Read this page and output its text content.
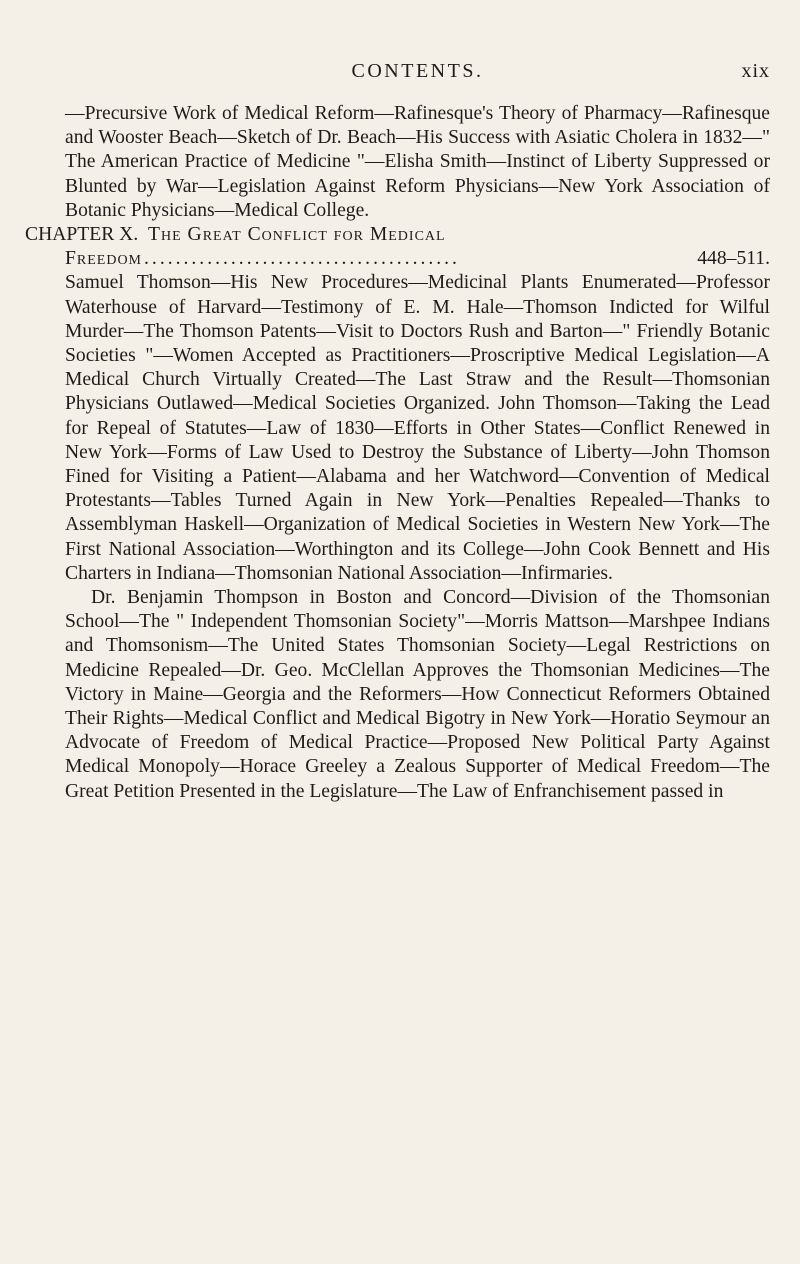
CONTENTS.	xix

—Precursive Work of Medical Reform—Rafinesque's Theory of Pharmacy—Rafinesque and Wooster Beach—Sketch of Dr. Beach—His Success with Asiatic Cholera in 1832—" The American Practice of Medicine "—Elisha Smith—Instinct of Liberty Suppressed or Blunted by War—Legislation Against Reform Physicians—New York Association of Botanic Physicians—Medical College.

CHAPTER X. The Great Conflict for Medical

Freedom ........................................	448–511.

Samuel Thomson—His New Procedures—Medicinal Plants Enumerated—Professor Waterhouse of Harvard—Testimony of E. M. Hale—Thomson Indicted for Wilful Murder—The Thomson Patents—Visit to Doctors Rush and Barton—" Friendly Botanic Societies "—Women Accepted as Practitioners—Proscriptive Medical Legislation—A Medical Church Virtually Created—The Last Straw and the Result—Thomsonian Physicians Outlawed—Medical Societies Organized. John Thomson—Taking the Lead for Repeal of Statutes—Law of 1830—Efforts in Other States—Conflict Renewed in New York—Forms of Law Used to Destroy the Substance of Liberty—John Thomson Fined for Visiting a Patient—Alabama and her Watchword—Convention of Medical Protestants—Tables Turned Again in New York—Penalties Repealed—Thanks to Assemblyman Haskell—Organization of Medical Societies in Western New York—The First National Association—Worthington and its College—John Cook Bennett and His Charters in Indiana—Thomsonian National Association—Infirmaries.

Dr. Benjamin Thompson in Boston and Concord—Division of the Thomsonian School—The " Independent Thomsonian Society"—Morris Mattson—Marshpee Indians and Thomsonism—The United States Thomsonian Society—Legal Restrictions on Medicine Repealed—Dr. Geo. McClellan Approves the Thomsonian Medicines—The Victory in Maine—Georgia and the Reformers—How Connecticut Reformers Obtained Their Rights—Medical Conflict and Medical Bigotry in New York—Horatio Seymour an Advocate of Freedom of Medical Practice—Proposed New Political Party Against Medical Monopoly—Horace Greeley a Zealous Supporter of Medical Freedom—The Great Petition Presented in the Legislature—The Law of Enfranchisement passed in
